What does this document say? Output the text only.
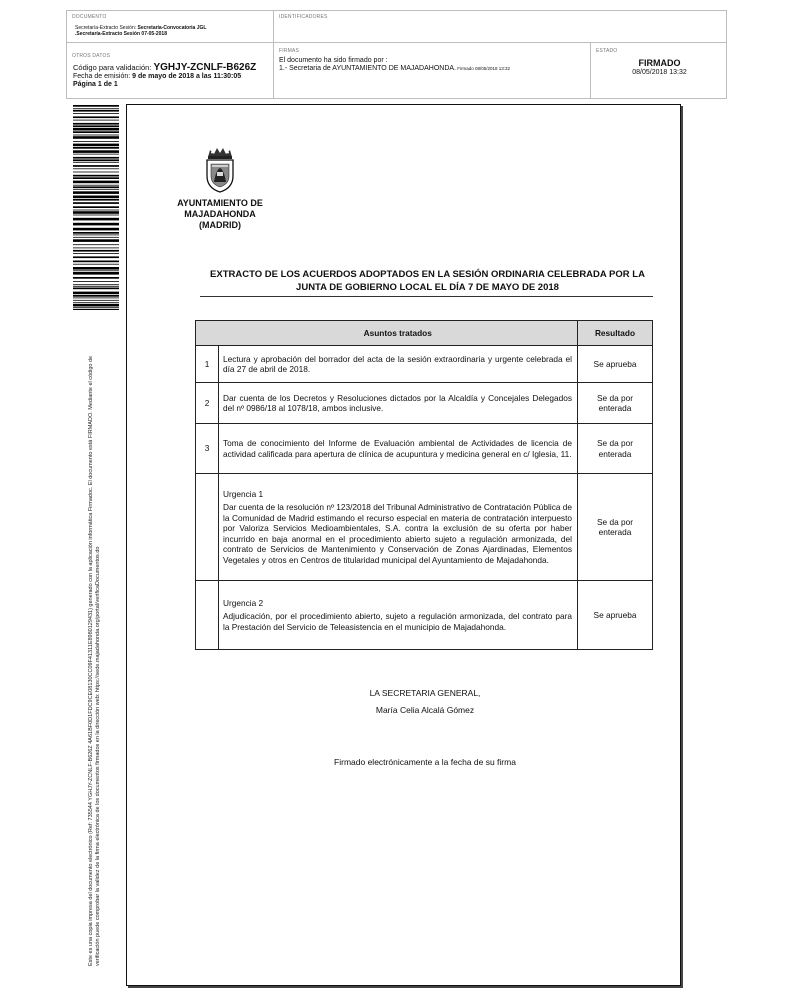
DOCUMENTO
Secretaría-Extracto Sesión: Secretaría-Convocatoria JGL
.Secretaría-Extracto Sesión 07-05-2018
IDENTIFICADORES
OTROS DATOS
Código para validación: YGHJY-ZCNLF-B626Z
Fecha de emisión: 9 de mayo de 2018 a las 11:30:05
Página 1 de 1
FIRMAS
El documento ha sido firmado por :
1.- Secretaria de AYUNTAMIENTO DE MAJADAHONDA. Firmado 08/05/2018 13:32
ESTADO
FIRMADO
08/05/2018 13:32
Este es una copia impresa del documento electrónico (Ref: 735544 YGHJY-ZCNLF-B626Z 4A61BF0D1FDC9CE08130CC09F41311E8980129431) generado con la aplicación informática Firmadoc. El documento está FIRMADO. Mediante el código de verificación puede comprobar la validez de la firma electrónica de los documentos firmados en la dirección web: https://sede.majadahonda.org/portal/verificaDocumentos.do
AYUNTAMIENTO DE
MAJADAHONDA
(MADRID)
EXTRACTO DE LOS ACUERDOS ADOPTADOS EN LA SESIÓN ORDINARIA CELEBRADA POR LA
JUNTA DE GOBIERNO LOCAL EL DÍA 7 DE MAYO DE 2018
	Asuntos tratados	Resultado
1	Lectura y aprobación del borrador del acta de la sesión extraordinaria y urgente celebrada el día 27 de abril de 2018.	Se aprueba
2	Dar cuenta de los Decretos y Resoluciones dictados por la Alcaldía y Concejales Delegados del nº 0986/18 al 1078/18, ambos inclusive.	Se da por enterada
3	Toma de conocimiento del Informe de Evaluación ambiental de Actividades de licencia de actividad calificada para apertura de clínica de acupuntura y medicina general en c/ Iglesia, 11.	Se da por enterada

	Urgencia 1
Dar cuenta de la resolución nº 123/2018 del Tribunal Administrativo de Contratación Pública de la Comunidad de Madrid estimando el recurso especial en materia de contratación interpuesto por Valoriza Servicios Medioambientales, S.A. contra la exclusión de su oferta por haber incurrido en baja anormal en el procedimiento abierto sujeto a regulación armonizada, del contrato de Servicios de Mantenimiento y Conservación de Zonas Ajardinadas, Elementos Vegetales y otros en Centros de titularidad municipal del Ayuntamiento de Majadahonda.	Se da por enterada

	Urgencia 2
Adjudicación, por el procedimiento abierto, sujeto a regulación armonizada, del contrato para la Prestación del Servicio de Teleasistencia en el municipio de Majadahonda.	Se aprueba
LA SECRETARIA GENERAL,
María Celia Alcalá Gómez
Firmado electrónicamente a la fecha de su firma
